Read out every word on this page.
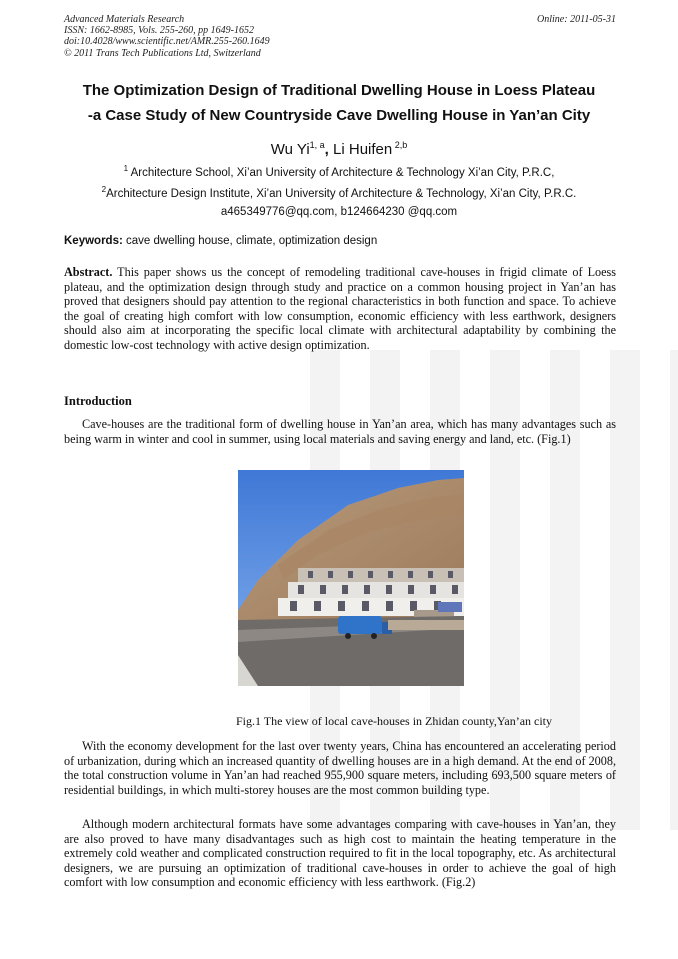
Advanced Materials Research
ISSN: 1662-8985, Vols. 255-260, pp 1649-1652
doi:10.4028/www.scientific.net/AMR.255-260.1649
© 2011 Trans Tech Publications Ltd, Switzerland
Online: 2011-05-31
The Optimization Design of Traditional Dwelling House in Loess Plateau
-a Case Study of New Countryside Cave Dwelling House in Yan’an City
Wu Yi$^{1, a}$, Li Huifen $^{2,b}$
$^1$ Architecture School, Xi’an University of Architecture & Technology Xi’an City, P.R.C,
$^2$Architecture Design Institute, Xi’an University of Architecture & Technology, Xi’an City, P.R.C.
a465349776@qq.com, b124664230 @qq.com
Keywords: cave dwelling house, climate, optimization design
Abstract. This paper shows us the concept of remodeling traditional cave-houses in frigid climate of Loess plateau, and the optimization design through study and practice on a common housing project in Yan’an has proved that designers should pay attention to the regional characteristics in both function and space. To achieve the goal of creating high comfort with low consumption, economic efficiency with less earthwork, designers should also aim at incorporating the specific local climate with architectural adaptability by combining the domestic low-cost technology with active design optimization.
Introduction
Cave-houses are the traditional form of dwelling house in Yan’an area, which has many advantages such as being warm in winter and cool in summer, using local materials and saving energy and land, etc. (Fig.1)
Fig.1 The view of local cave-houses in Zhidan county,Yan’an city
With the economy development for the last over twenty years, China has encountered an accelerating period of urbanization, during which an increased quantity of dwelling houses are in a high demand. At the end of 2008, the total construction volume in Yan’an had reached 955,900 square meters, including 693,500 square meters of residential buildings, in which multi-storey houses are the most common building type.
Although modern architectural formats have some advantages comparing with cave-houses in Yan’an, they are also proved to have many disadvantages such as high cost to maintain the heating temperature in the extremely cold weather and complicated construction required to fit in the local topography, etc. As architectural designers, we are pursuing an optimization of traditional cave-houses in order to achieve the goal of high comfort with low consumption and economic efficiency with less earthwork. (Fig.2)
